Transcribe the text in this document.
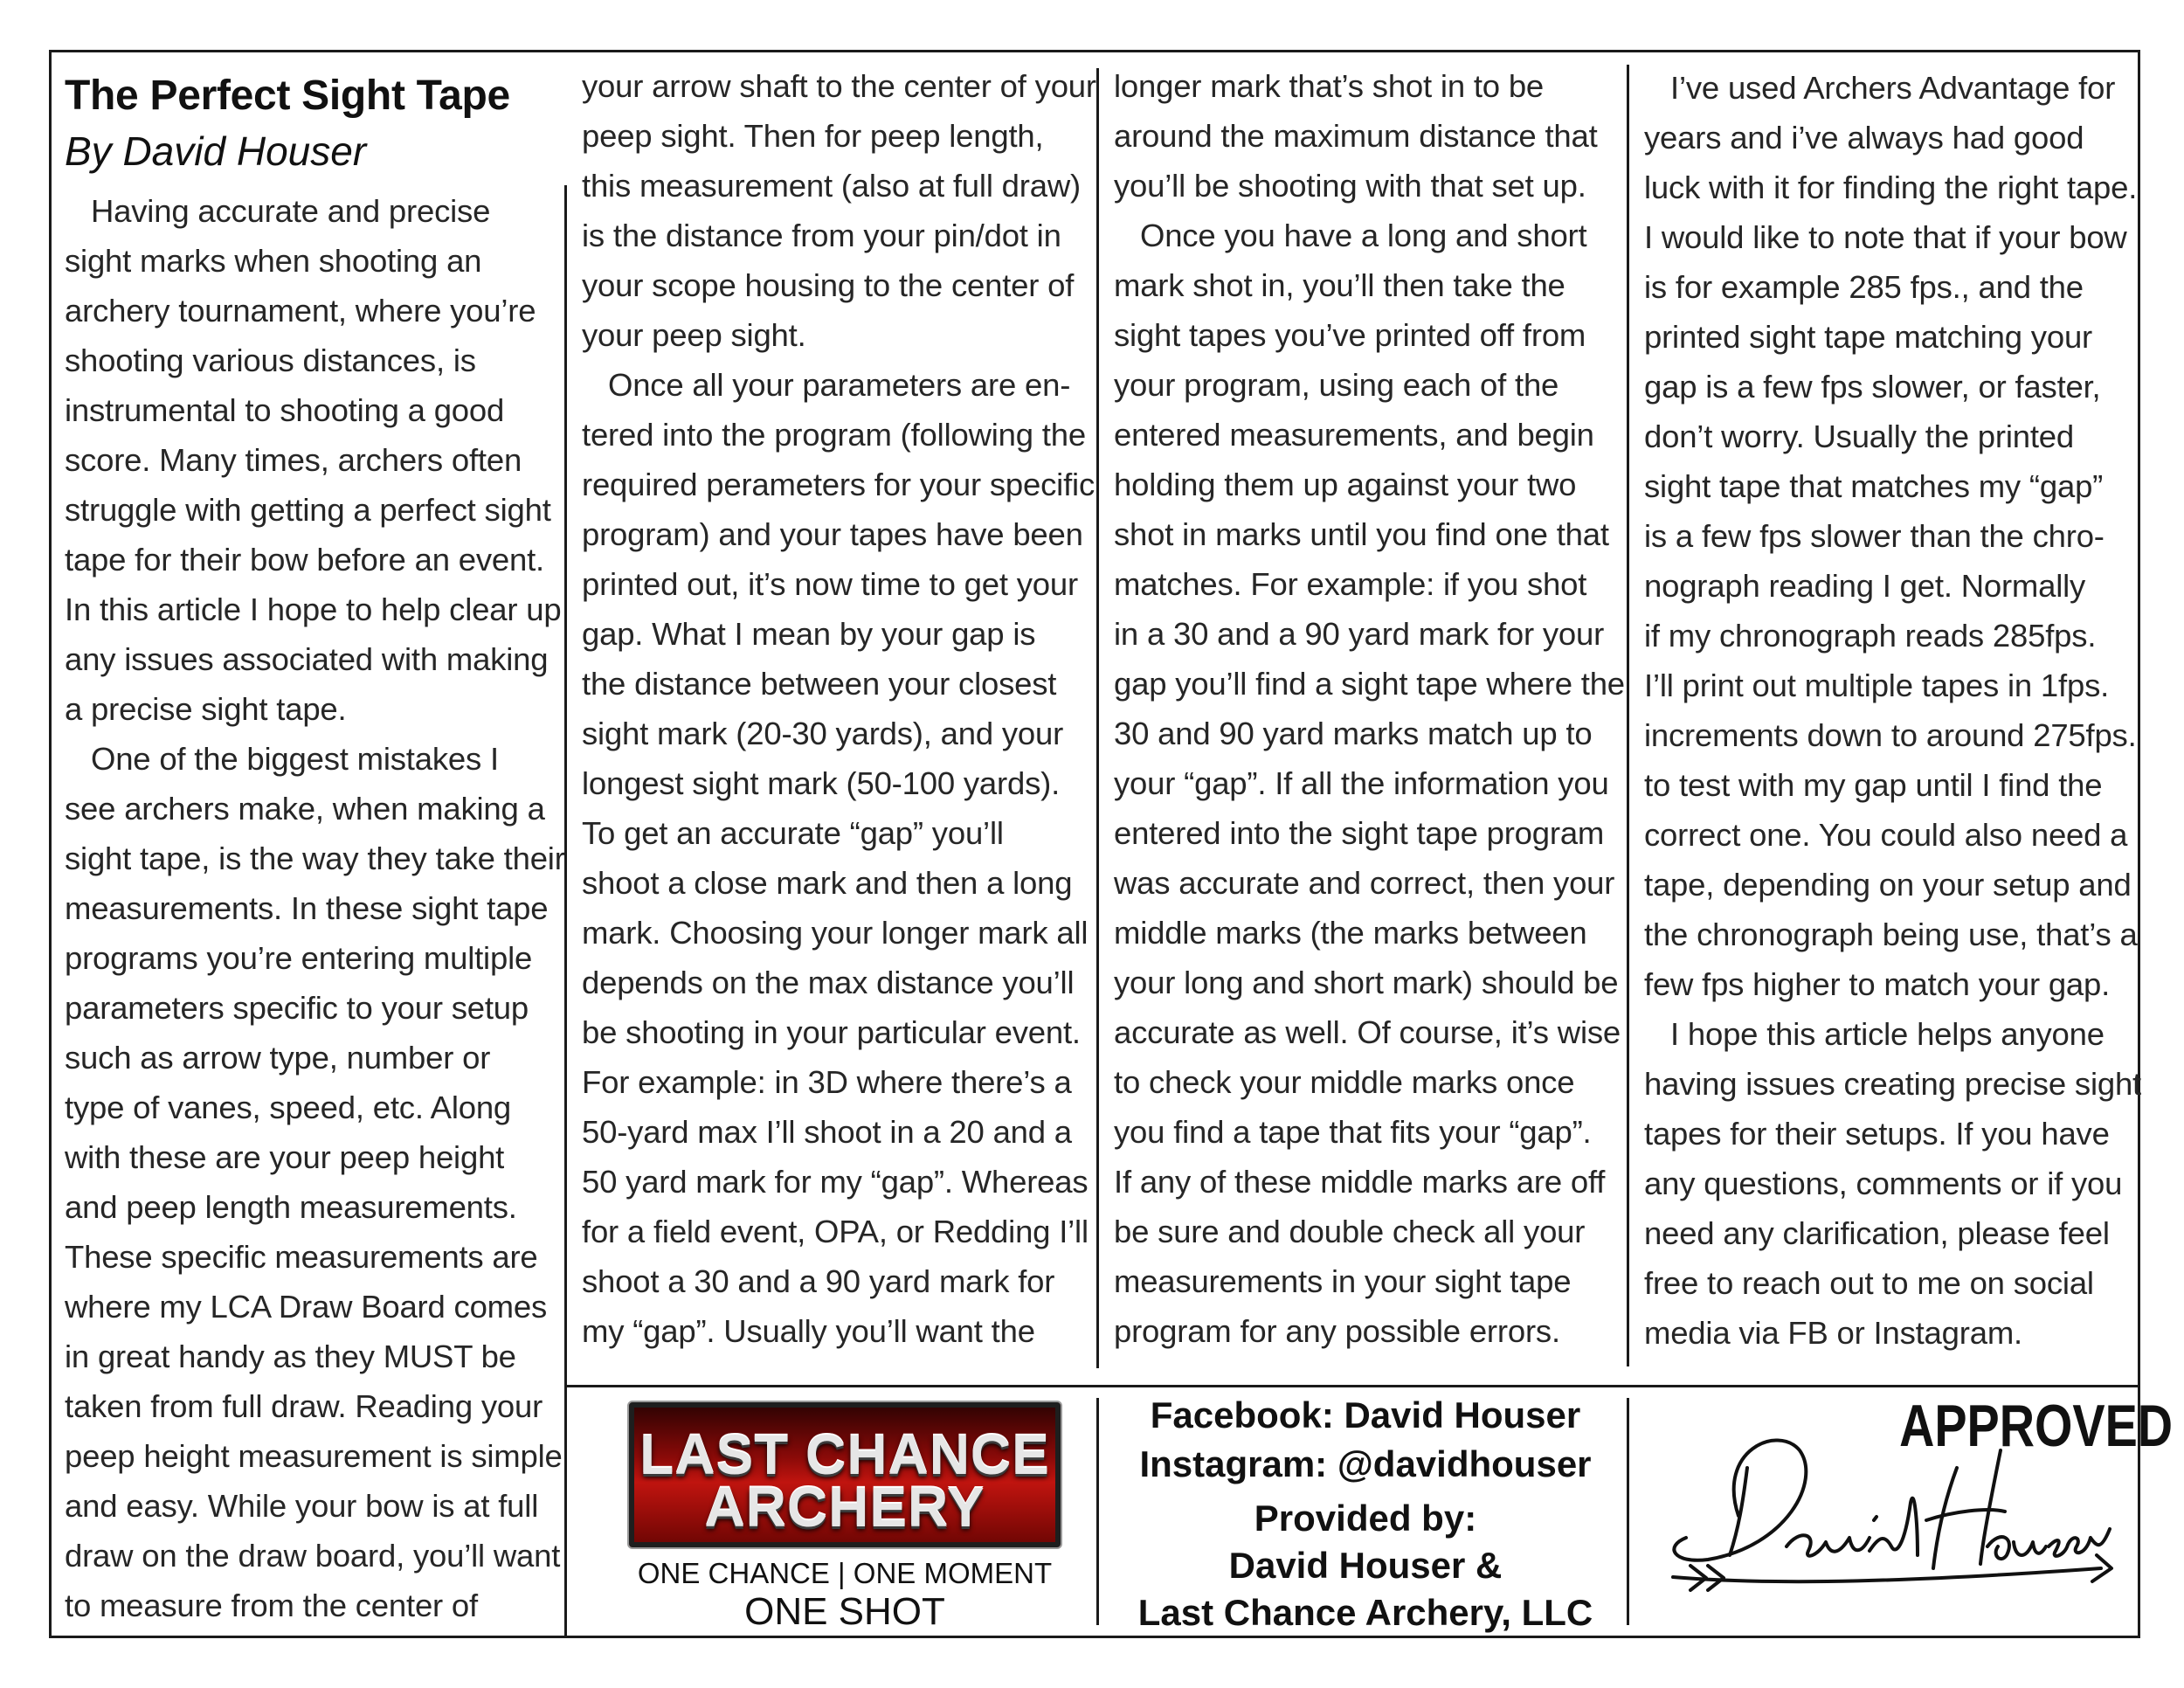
The Perfect Sight Tape
By David Houser
Having accurate and precise
sight marks when shooting an
archery tournament, where you’re
shooting various distances, is
instrumental to shooting a good
score. Many times, archers often
struggle with getting a perfect sight
tape for their bow before an event.
In this article I hope to help clear up
any issues associated with making
a precise sight tape.
One of the biggest mistakes I
see archers make, when making a
sight tape, is the way they take their
measurements. In these sight tape
programs you’re entering multiple
parameters specific to your setup
such as arrow type, number or
type of vanes, speed, etc. Along
with these are your peep height
and peep length measurements.
These specific measurements are
where my LCA Draw Board comes
in great handy as they MUST be
taken from full draw. Reading your
peep height measurement is simple
and easy. While your bow is at full
draw on the draw board, you’ll want
to measure from the center of
your arrow shaft to the center of your
peep sight. Then for peep length,
this measurement (also at full draw)
is the distance from your pin/dot in
your scope housing to the center of
your peep sight.
Once all your parameters are en-
tered into the program (following the
required perameters for your specific
program) and your tapes have been
printed out, it’s now time to get your
gap. What I mean by your gap is
the distance between your closest
sight mark (20-30 yards), and your
longest sight mark (50-100 yards).
To get an accurate “gap” you’ll
shoot a close mark and then a long
mark. Choosing your longer mark all
depends on the max distance you’ll
be shooting in your particular event.
For example: in 3D where there’s a
50-yard max I’ll shoot in a 20 and a
50 yard mark for my “gap”. Whereas
for a field event, OPA, or Redding I’ll
shoot a 30 and a 90 yard mark for
my “gap”. Usually you’ll want the
longer mark that’s shot in to be
around the maximum distance that
you’ll be shooting with that set up.
Once you have a long and short
mark shot in, you’ll then take the
sight tapes you’ve printed off from
your program, using each of the
entered measurements, and begin
holding them up against your two
shot in marks until you find one that
matches. For example: if you shot
in a 30 and a 90 yard mark for your
gap you’ll find a sight tape where the
30 and 90 yard marks match up to
your “gap”. If all the information you
entered into the sight tape program
was accurate and correct, then your
middle marks (the marks between
your long and short mark) should be
accurate as well. Of course, it’s wise
to check your middle marks once
you find a tape that fits your “gap”.
If any of these middle marks are off
be sure and double check all your
measurements in your sight tape
program for any possible errors.
I’ve used Archers Advantage for
years and i’ve always had good
luck with it for finding the right tape.
I would like to note that if your bow
is for example 285 fps., and the
printed sight tape matching your
gap is a few fps slower, or faster,
don’t worry. Usually the printed
sight tape that matches my “gap”
is a few fps slower than the chro-
nograph reading I get. Normally
if my chronograph reads 285fps.
I’ll print out multiple tapes in 1fps.
increments down to around 275fps.
to test with my gap until I find the
correct one. You could also need a
tape, depending on your setup and
the chronograph being use, that’s a
few fps higher to match your gap.
I hope this article helps anyone
having issues creating precise sight
tapes for their setups. If you have
any questions, comments or if you
need any clarification, please feel
free to reach out to me on social
media via FB or Instagram.
LAST CHANCE
ARCHERY
ONE CHANCE | ONE MOMENT
ONE SHOT
Facebook: David Houser
Instagram: @davidhouser
Provided by:
David Houser &
Last Chance Archery, LLC
APPROVED
